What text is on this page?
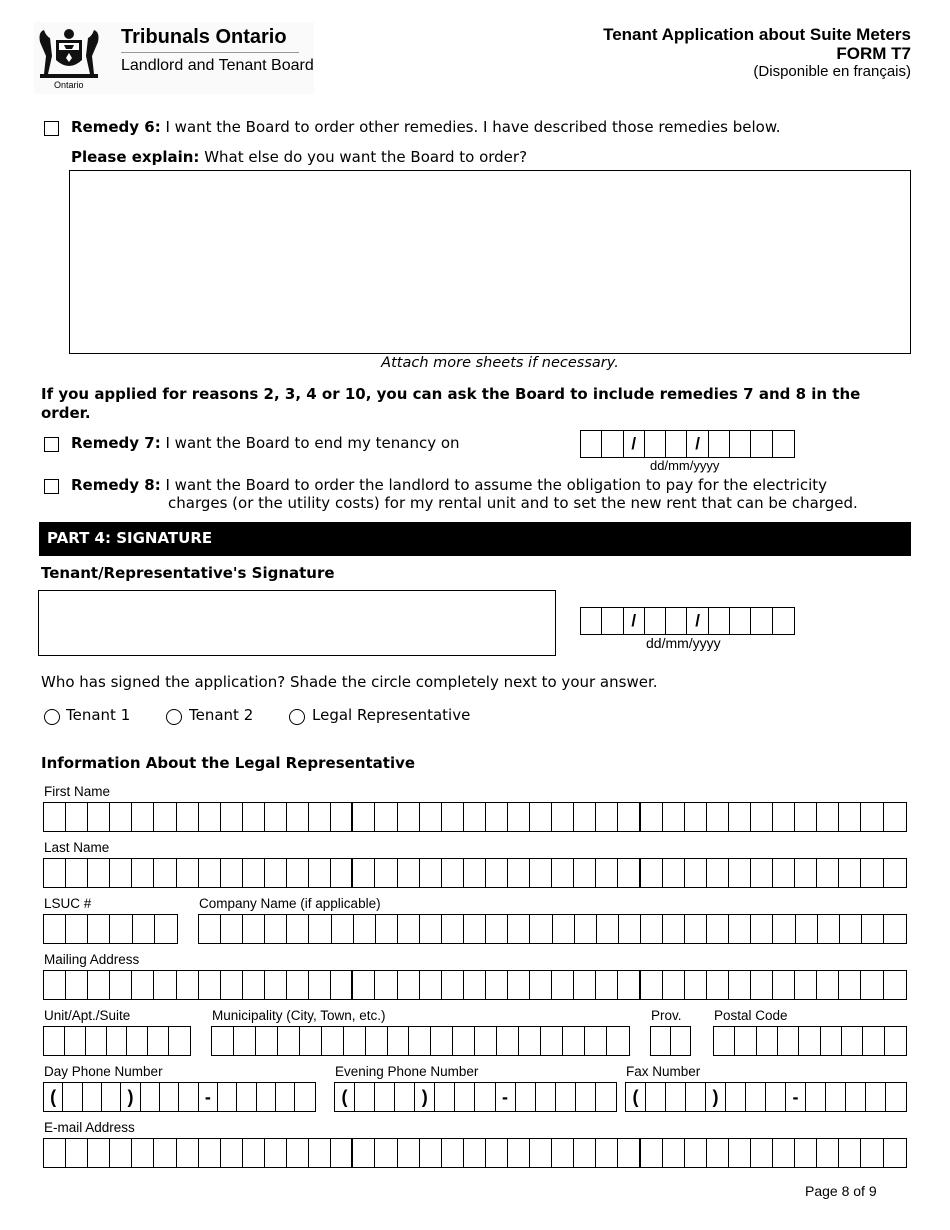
Ontario
Tribunals Ontario
Landlord and Tenant Board
Tenant Application about Suite Meters
FORM T7
(Disponible en français)
Remedy 6: I want the Board to order other remedies. I have described those remedies below.
Please explain: What else do you want the Board to order?
Attach more sheets if necessary.
If you applied for reasons 2, 3, 4 or 10, you can ask the Board to include remedies 7 and 8 in the order.
Remedy 7: I want the Board to end my tenancy on	/	/
dd/mm/yyyy
Remedy 8: I want the Board to order the landlord to assume the obligation to pay for the electricity
charges (or the utility costs) for my rental unit and to set the new rent that can be charged.
PART 4: SIGNATURE
Tenant/Representative's Signature
/	/
dd/mm/yyyy
Who has signed the application? Shade the circle completely next to your answer.
Tenant 1	Tenant 2	Legal Representative
Information About the Legal Representative
First Name
Last Name
LSUC #	Company Name (if applicable)
Mailing Address
Unit/Apt./Suite	Municipality (City, Town, etc.)	Prov. Postal Code
Day Phone Number
(	)	-
Evening Phone Number
(	)	-
Fax Number
(	)	-
E-mail Address
Page 8 of 9
